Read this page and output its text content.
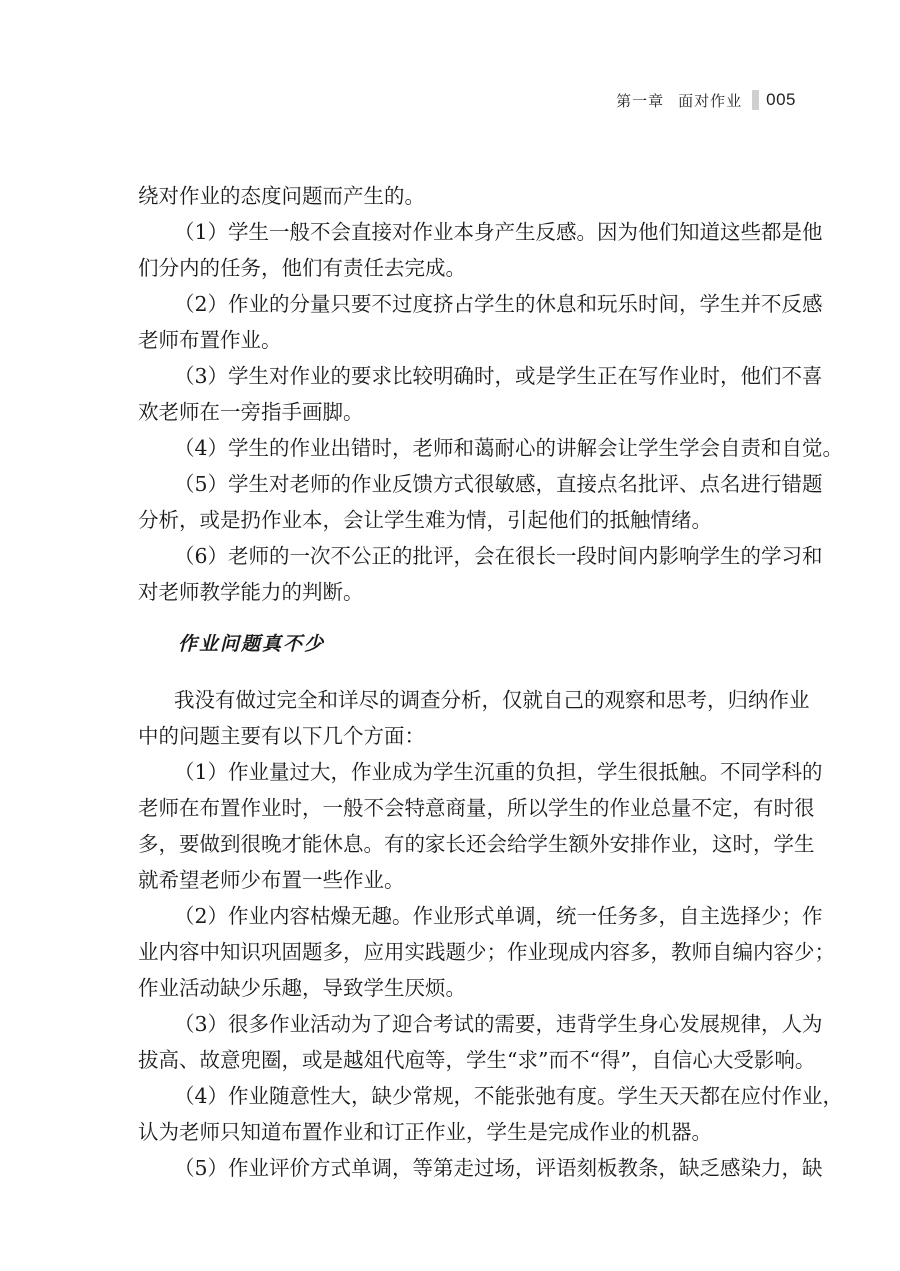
第一章 面对作业 005
绕对作业的态度问题而产生的。
（1）学生一般不会直接对作业本身产生反感。因为他们知道这些都是他
们分内的任务，他们有责任去完成。
（2）作业的分量只要不过度挤占学生的休息和玩乐时间，学生并不反感
老师布置作业。
（3）学生对作业的要求比较明确时，或是学生正在写作业时，他们不喜
欢老师在一旁指手画脚。
（4）学生的作业出错时，老师和蔼耐心的讲解会让学生学会自责和自觉。
（5）学生对老师的作业反馈方式很敏感，直接点名批评、点名进行错题
分析，或是扔作业本，会让学生难为情，引起他们的抵触情绪。
（6）老师的一次不公正的批评，会在很长一段时间内影响学生的学习和
对老师教学能力的判断。
作业问题真不少
我没有做过完全和详尽的调查分析，仅就自己的观察和思考，归纳作业
中的问题主要有以下几个方面：
（1）作业量过大，作业成为学生沉重的负担，学生很抵触。不同学科的
老师在布置作业时，一般不会特意商量，所以学生的作业总量不定，有时很
多，要做到很晚才能休息。有的家长还会给学生额外安排作业，这时，学生
就希望老师少布置一些作业。
（2）作业内容枯燥无趣。作业形式单调，统一任务多，自主选择少；作
业内容中知识巩固题多，应用实践题少；作业现成内容多，教师自编内容少；
作业活动缺少乐趣，导致学生厌烦。
（3）很多作业活动为了迎合考试的需要，违背学生身心发展规律，人为
拔高、故意兜圈，或是越俎代庖等，学生“求”而不“得”，自信心大受影响。
（4）作业随意性大，缺少常规，不能张弛有度。学生天天都在应付作业，
认为老师只知道布置作业和订正作业，学生是完成作业的机器。
（5）作业评价方式单调，等第走过场，评语刻板教条，缺乏感染力，缺
